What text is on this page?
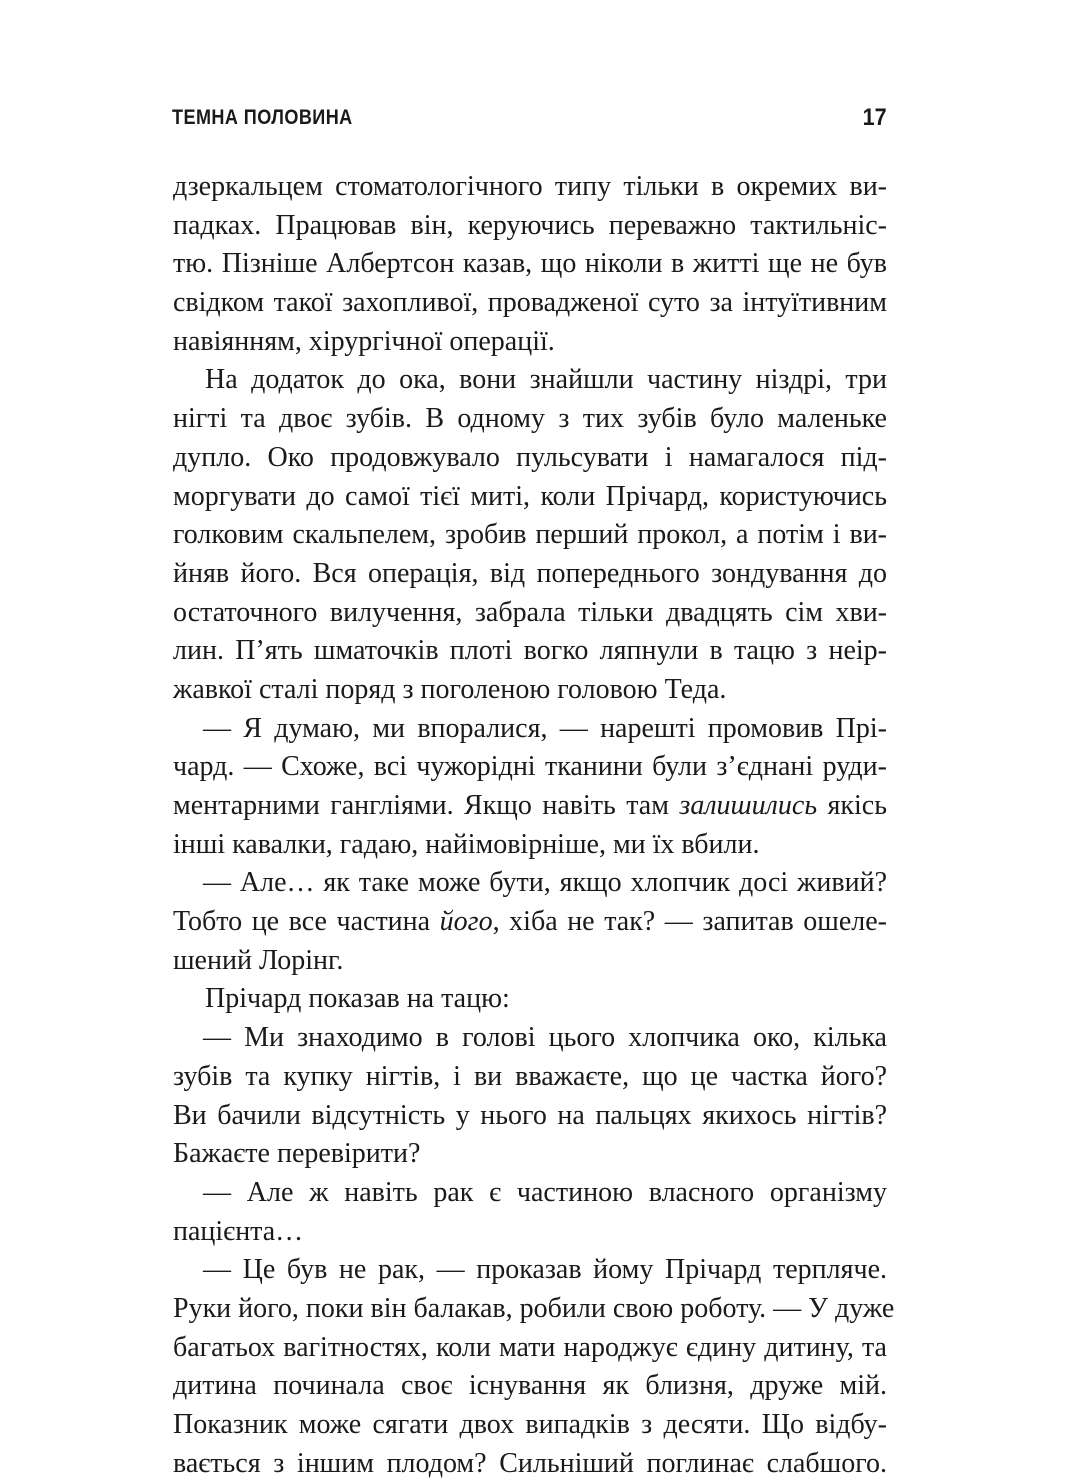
ТЕМНА ПОЛОВИНА	17
дзеркальцем стоматологічного типу тільки в окремих ви-
падках. Працював він, керуючись переважно тактильніс-
тю. Пізніше Албертсон казав, що ніколи в житті ще не був
свідком такої захопливої, провадженої суто за інтуїтивним
навіянням, хірургічної операції.
На додаток до ока, вони знайшли частину ніздрі, три
нігті та двоє зубів. В одному з тих зубів було маленьке
дупло. Око продовжувало пульсувати і намагалося під-
моргувати до самої тієї миті, коли Прічард, користуючись
голковим скальпелем, зробив перший прокол, а потім і ви-
йняв його. Вся операція, від попереднього зондування до
остаточного вилучення, забрала тільки двадцять сім хви-
лин. П’ять шматочків плоті вогко ляпнули в тацю з неір-
жавкої сталі поряд з поголеною головою Теда.
— Я думаю, ми впоралися, — нарешті промовив Прі-
чард. — Схоже, всі чужорідні тканини були з’єднані руди-
ментарними гангліями. Якщо навіть там залишились якісь
інші кавалки, гадаю, найімовірніше, ми їх вбили.
— Але… як таке може бути, якщо хлопчик досі живий?
Тобто це все частина його, хіба не так? — запитав ошеле-
шений Лорінг.
Прічард показав на тацю:
— Ми знаходимо в голові цього хлопчика око, кілька
зубів та купку нігтів, і ви вважаєте, що це частка його?
Ви бачили відсутність у нього на пальцях якихось нігтів?
Бажаєте перевірити?
— Але ж навіть рак є частиною власного організму
пацієнта…
— Це був не рак, — проказав йому Прічард терпляче.
Руки його, поки він балакав, робили свою роботу. — У дуже
багатьох вагітностях, коли мати народжує єдину дитину, та
дитина починала своє існування як близня, друже мій.
Показник може сягати двох випадків з десяти. Що відбу-
вається з іншим плодом? Сильніший поглинає слабшого.
